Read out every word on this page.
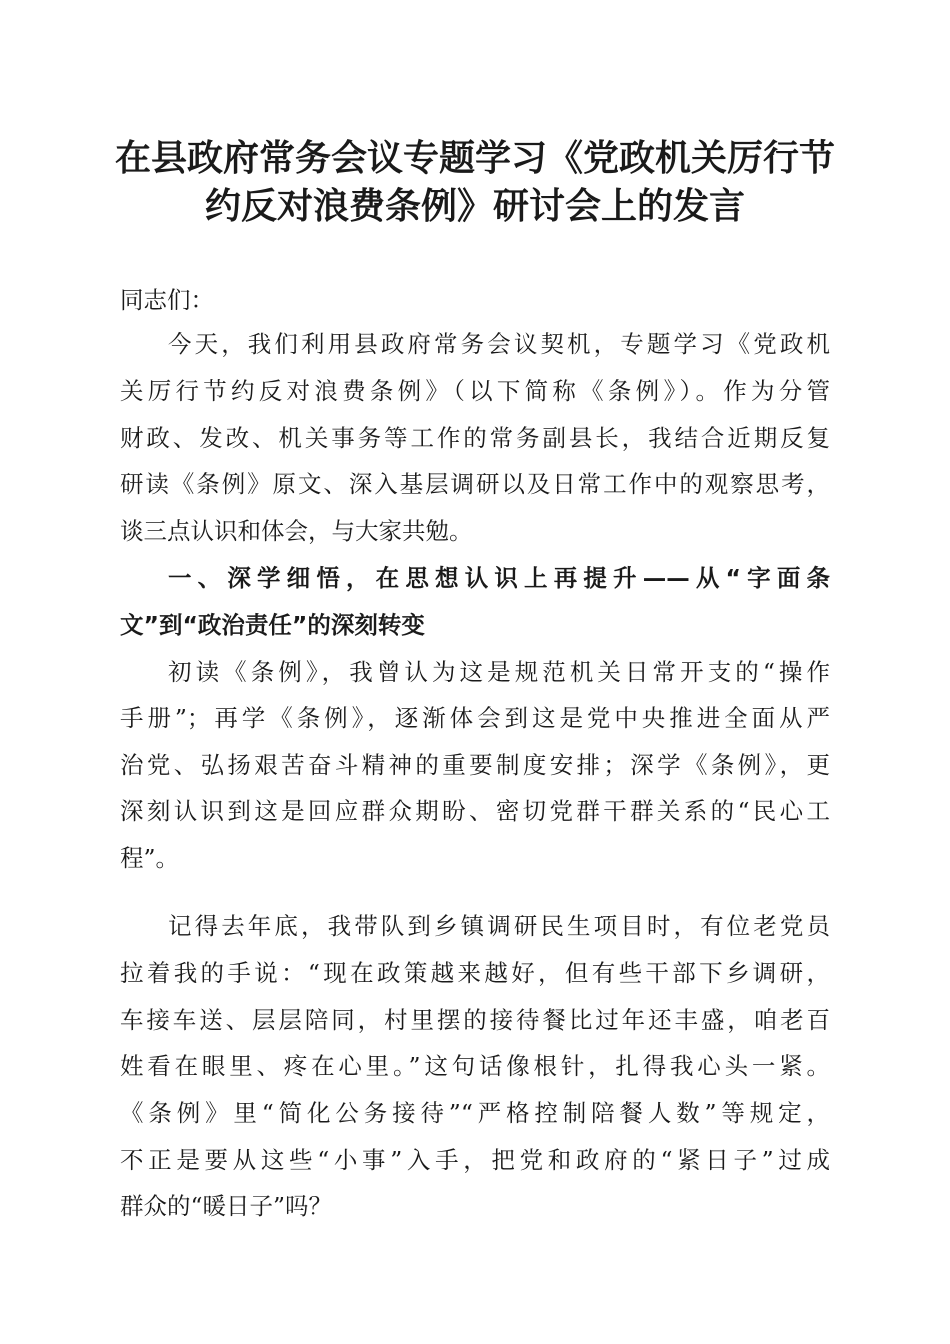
在县政府常务会议专题学习《党政机关厉行节
约反对浪费条例》研讨会上的发言
同志们：
今天，我们利用县政府常务会议契机，专题学习《党政机
关厉行节约反对浪费条例》（以下简称《条例》）。作为分管
财政、发改、机关事务等工作的常务副县长，我结合近期反复
研读《条例》原文、深入基层调研以及日常工作中的观察思考，
谈三点认识和体会，与大家共勉。
一、深学细悟，在思想认识上再提升——从“字面条
文”到“政治责任”的深刻转变
初读《条例》，我曾认为这是规范机关日常开支的“操作
手册”；再学《条例》，逐渐体会到这是党中央推进全面从严
治党、弘扬艰苦奋斗精神的重要制度安排；深学《条例》，更
深刻认识到这是回应群众期盼、密切党群干群关系的“民心工
程”。
记得去年底，我带队到乡镇调研民生项目时，有位老党员
拉着我的手说：“现在政策越来越好，但有些干部下乡调研，
车接车送、层层陪同，村里摆的接待餐比过年还丰盛，咱老百
姓看在眼里、疼在心里。”这句话像根针，扎得我心头一紧。
《条例》里“简化公务接待”“严格控制陪餐人数”等规定，
不正是要从这些“小事”入手，把党和政府的“紧日子”过成
群众的“暖日子”吗？
